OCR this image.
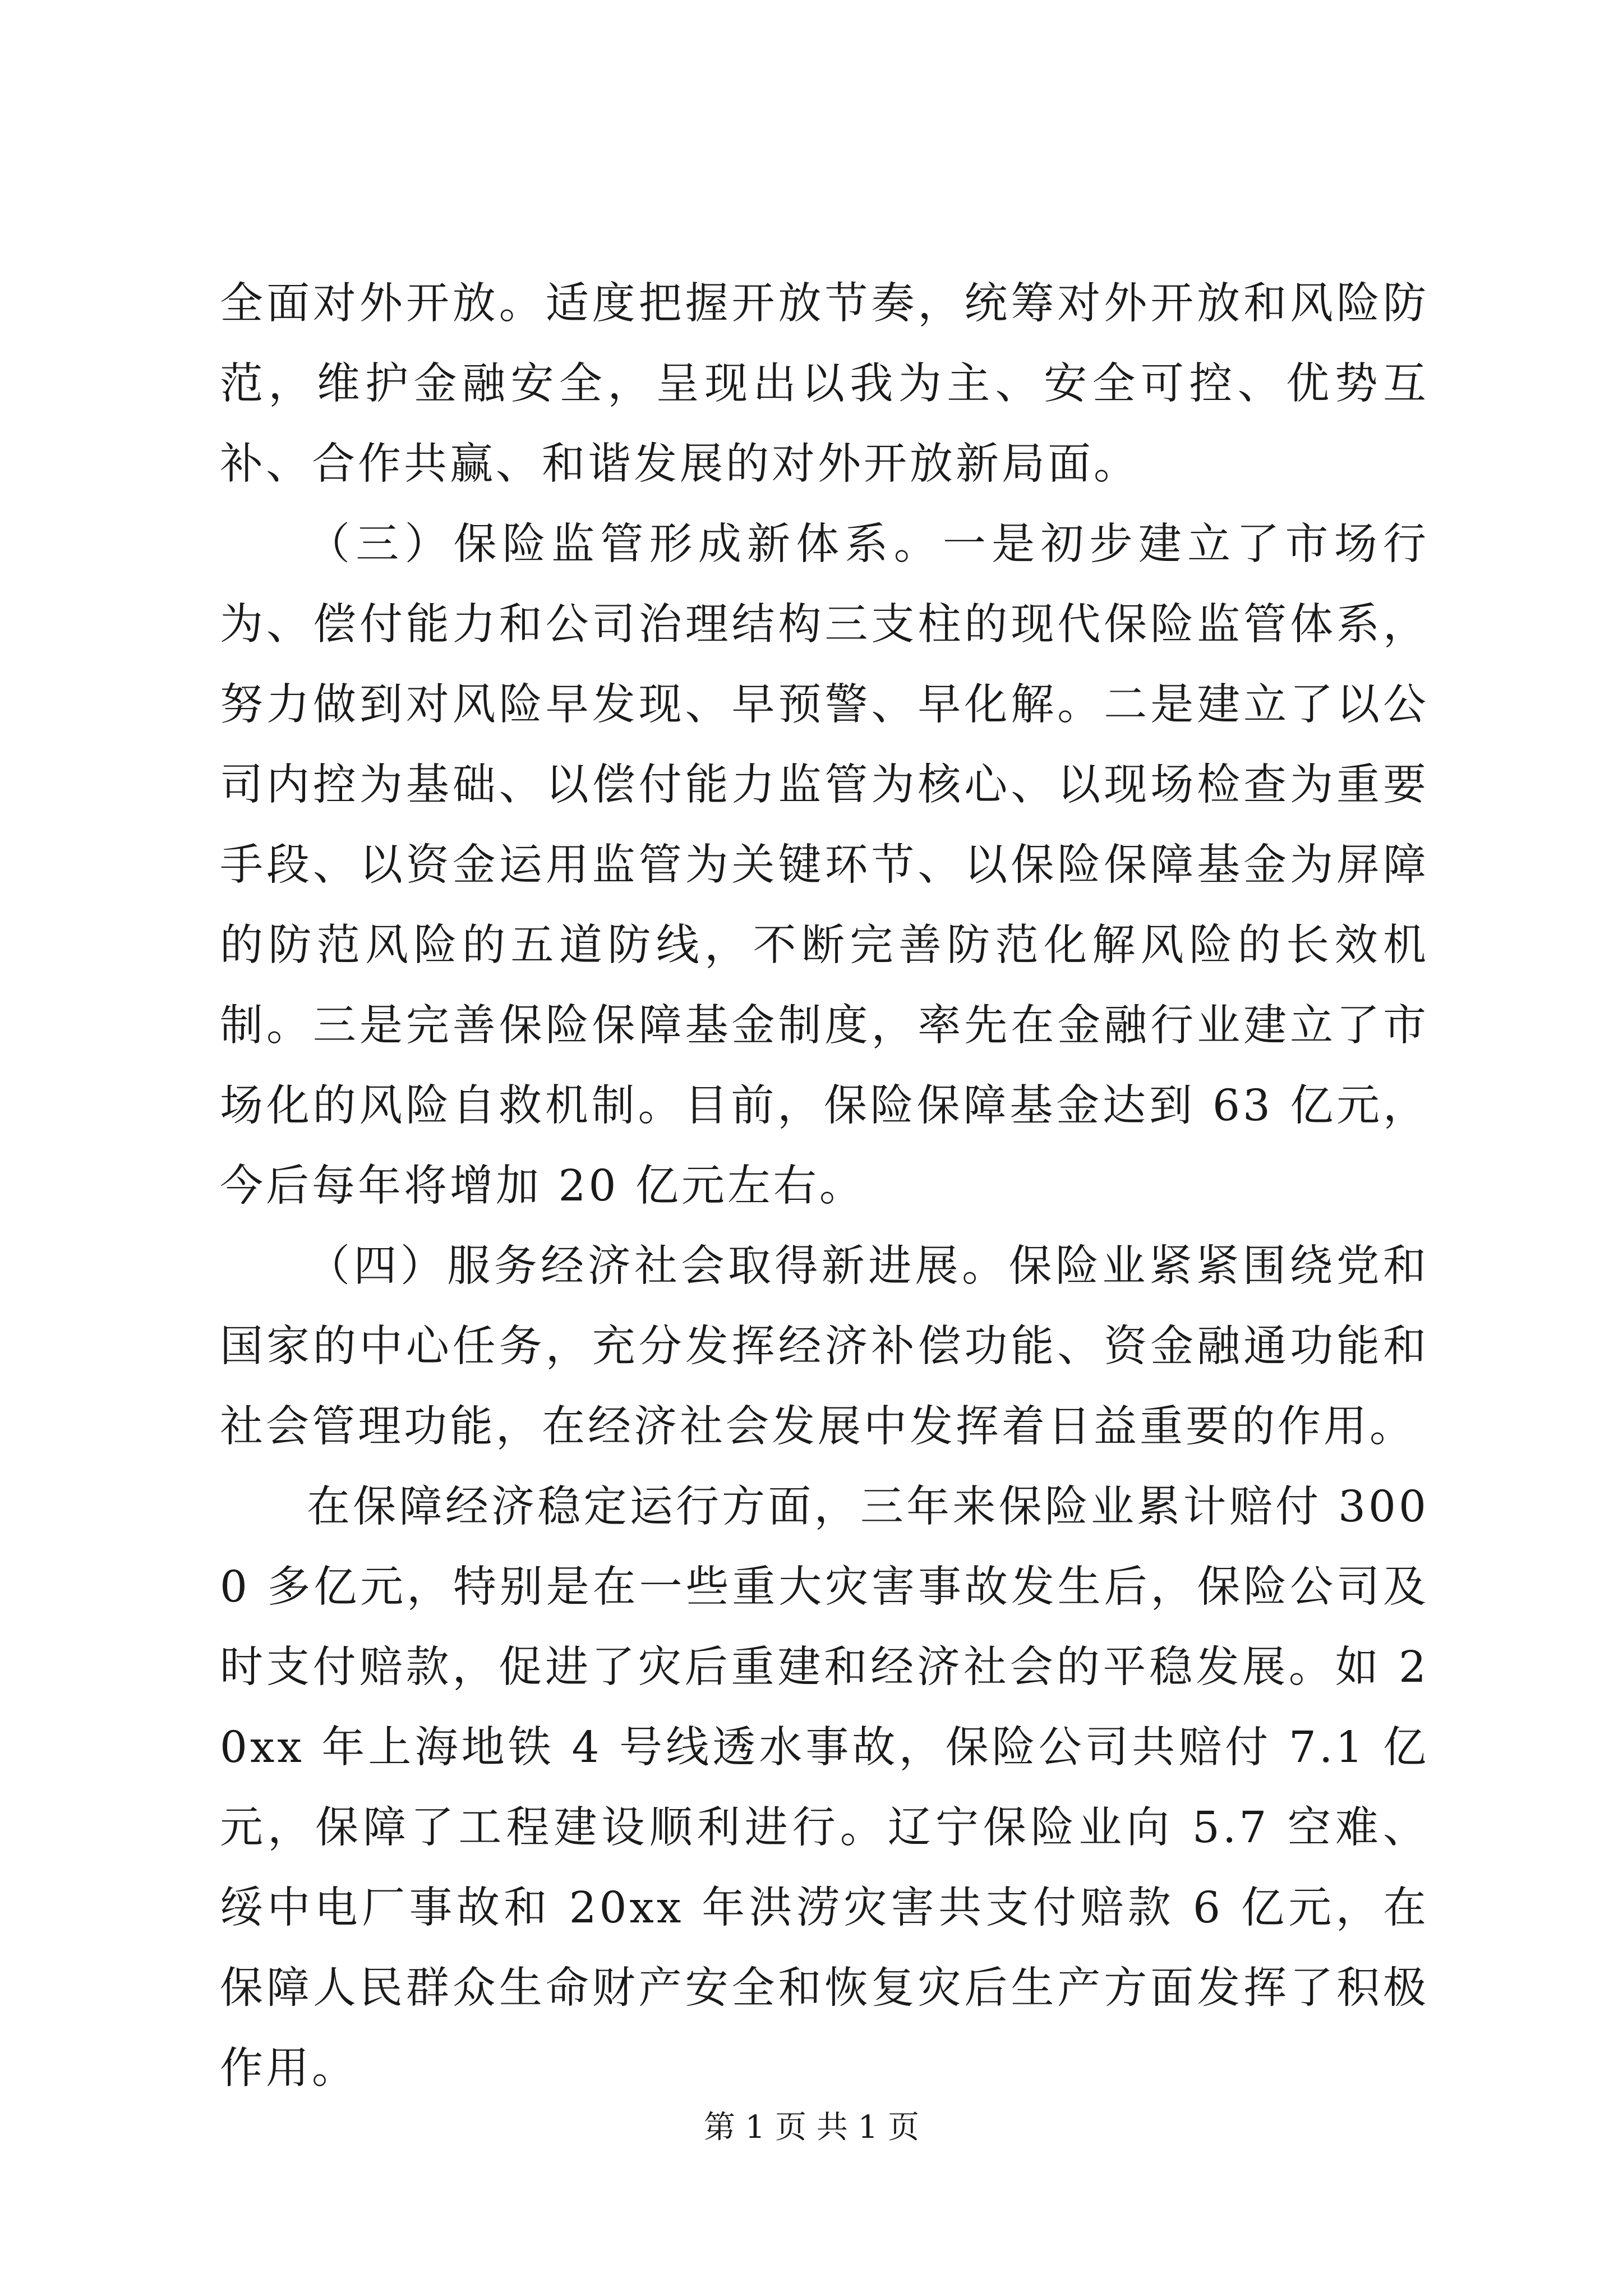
全面对外开放。适度把握开放节奏，统筹对外开放和风险防范，维护金融安全，呈现出以我为主、安全可控、优势互补、合作共赢、和谐发展的对外开放新局面。

（三）保险监管形成新体系。一是初步建立了市场行为、偿付能力和公司治理结构三支柱的现代保险监管体系，努力做到对风险早发现、早预警、早化解。二是建立了以公司内控为基础、以偿付能力监管为核心、以现场检查为重要手段、以资金运用监管为关键环节、以保险保障基金为屏障的防范风险的五道防线，不断完善防范化解风险的长效机制。三是完善保险保障基金制度，率先在金融行业建立了市场化的风险自救机制。目前，保险保障基金达到 63 亿元，今后每年将增加 20 亿元左右。

（四）服务经济社会取得新进展。保险业紧紧围绕党和国家的中心任务，充分发挥经济补偿功能、资金融通功能和社会管理功能，在经济社会发展中发挥着日益重要的作用。

在保障经济稳定运行方面，三年来保险业累计赔付 3000 多亿元，特别是在一些重大灾害事故发生后，保险公司及时支付赔款，促进了灾后重建和经济社会的平稳发展。如 20xx 年上海地铁 4 号线透水事故，保险公司共赔付 7.1 亿元，保障了工程建设顺利进行。辽宁保险业向 5.7 空难、绥中电厂事故和 20xx 年洪涝灾害共支付赔款 6 亿元，在保障人民群众生命财产安全和恢复灾后生产方面发挥了积极作用。

第 1 页 共 1 页
